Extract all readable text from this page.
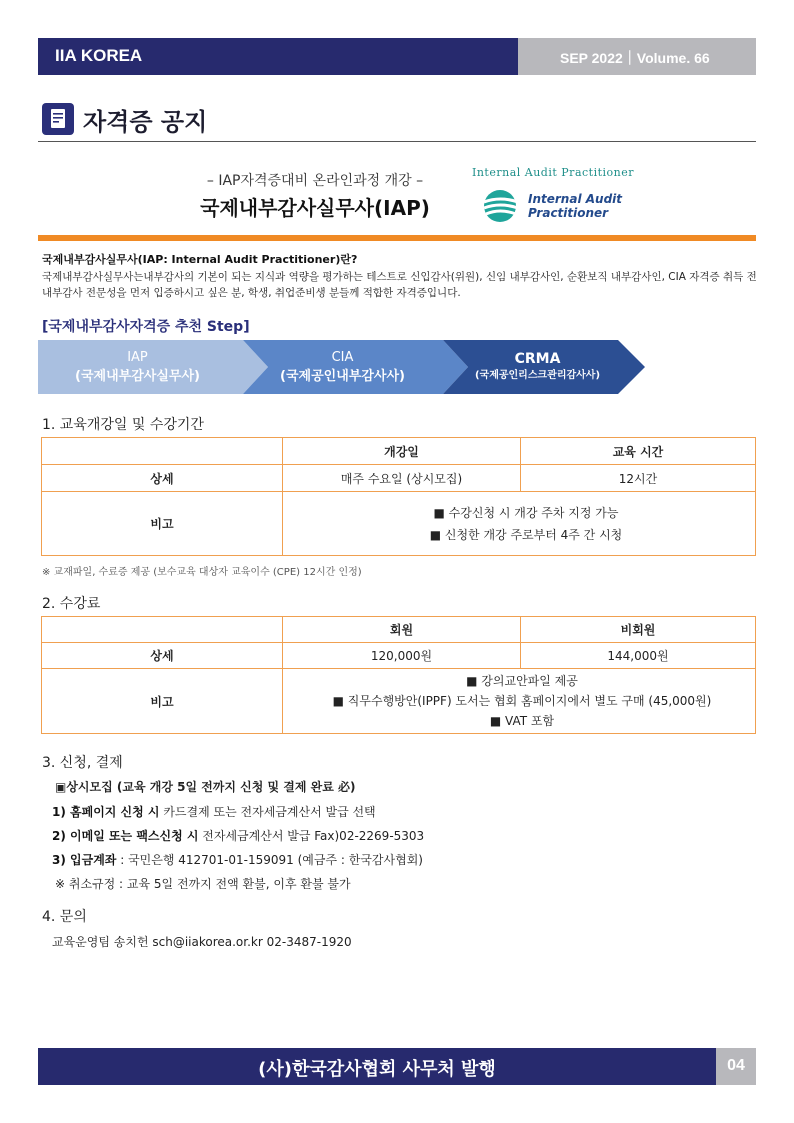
IIA KOREA	SEP 2022｜Volume. 66
자격증 공지
– IAP자격증대비 온라인과정 개강 –
국제내부감사실무사(IAP)
Internal Audit Practitioner
Internal Audit
Practitioner
국제내부감사실무사(IAP: Internal Audit Practitioner)란?
국제내부감사실무사는내부감사의 기본이 되는 지식과 역량을 평가하는 테스트로 신입감사(위원), 신임 내부감사인, 순환보직 내부감사인, CIA 자격증 취득 전 내부감사 전문성을 먼저 입증하시고 싶은 분, 학생, 취업준비생 분들께 적합한 자격증입니다.
[국제내부감사자격증 추천 Step]
IAP
(국제내부감사실무사)
CIA
(국제공인내부감사사)
CRMA
(국제공인리스크관리감사사)
1. 교육개강일 및 수강기간
	개강일	교육 시간
상세	매주 수요일 (상시모집)	12시간
비고	■ 수강신청 시 개강 주차 지정 가능
■ 신청한 개강 주로부터 4주 간 시청	
※ 교재파일, 수료증 제공 (보수교육 대상자 교육이수 (CPE) 12시간 인정)
2. 수강료
	회원	비회원
상세	120,000원	144,000원
비고	■ 강의교안파일 제공
■ 직무수행방안(IPPF) 도서는 협회 홈페이지에서 별도 구매 (45,000원)
■ VAT 포함	
3. 신청, 결제
▣상시모집 (교육 개강 5일 전까지 신청 및 결제 완료 必)
1) 홈페이지 신청 시 카드결제 또는 전자세금계산서 발급 선택
2) 이메일 또는 팩스신청 시 전자세금계산서 발급 Fax)02-2269-5303
3) 입금계좌 : 국민은행 412701-01-159091 (예금주 : 한국감사협회)
※ 취소규정 : 교육 5일 전까지 전액 환불, 이후 환불 불가
4. 문의
교육운영팀 송치헌 sch@iiakorea.or.kr 02-3487-1920
(사)한국감사협회 사무처 발행	04
